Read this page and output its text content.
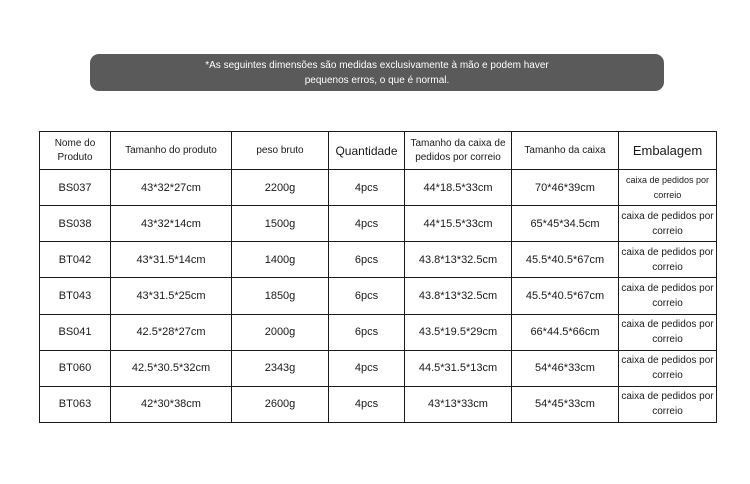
*As seguintes dimensões são medidas exclusivamente à mão e podem haver pequenos erros, o que é normal.
Nome do Produto	Tamanho do produto	peso bruto	Quantidade	Tamanho da caixa de pedidos por correio	Tamanho da caixa	Embalagem
BS037	43*32*27cm	2200g	4pcs	44*18.5*33cm	70*46*39cm	caixa de pedidos por correio
BS038	43*32*14cm	1500g	4pcs	44*15.5*33cm	65*45*34.5cm	caixa de pedidos por correio
BT042	43*31.5*14cm	1400g	6pcs	43.8*13*32.5cm	45.5*40.5*67cm	caixa de pedidos por correio
BT043	43*31.5*25cm	1850g	6pcs	43.8*13*32.5cm	45.5*40.5*67cm	caixa de pedidos por correio
BS041	42.5*28*27cm	2000g	6pcs	43.5*19.5*29cm	66*44.5*66cm	caixa de pedidos por correio
BT060	42.5*30.5*32cm	2343g	4pcs	44.5*31.5*13cm	54*46*33cm	caixa de pedidos por correio
BT063	42*30*38cm	2600g	4pcs	43*13*33cm	54*45*33cm	caixa de pedidos por correio
